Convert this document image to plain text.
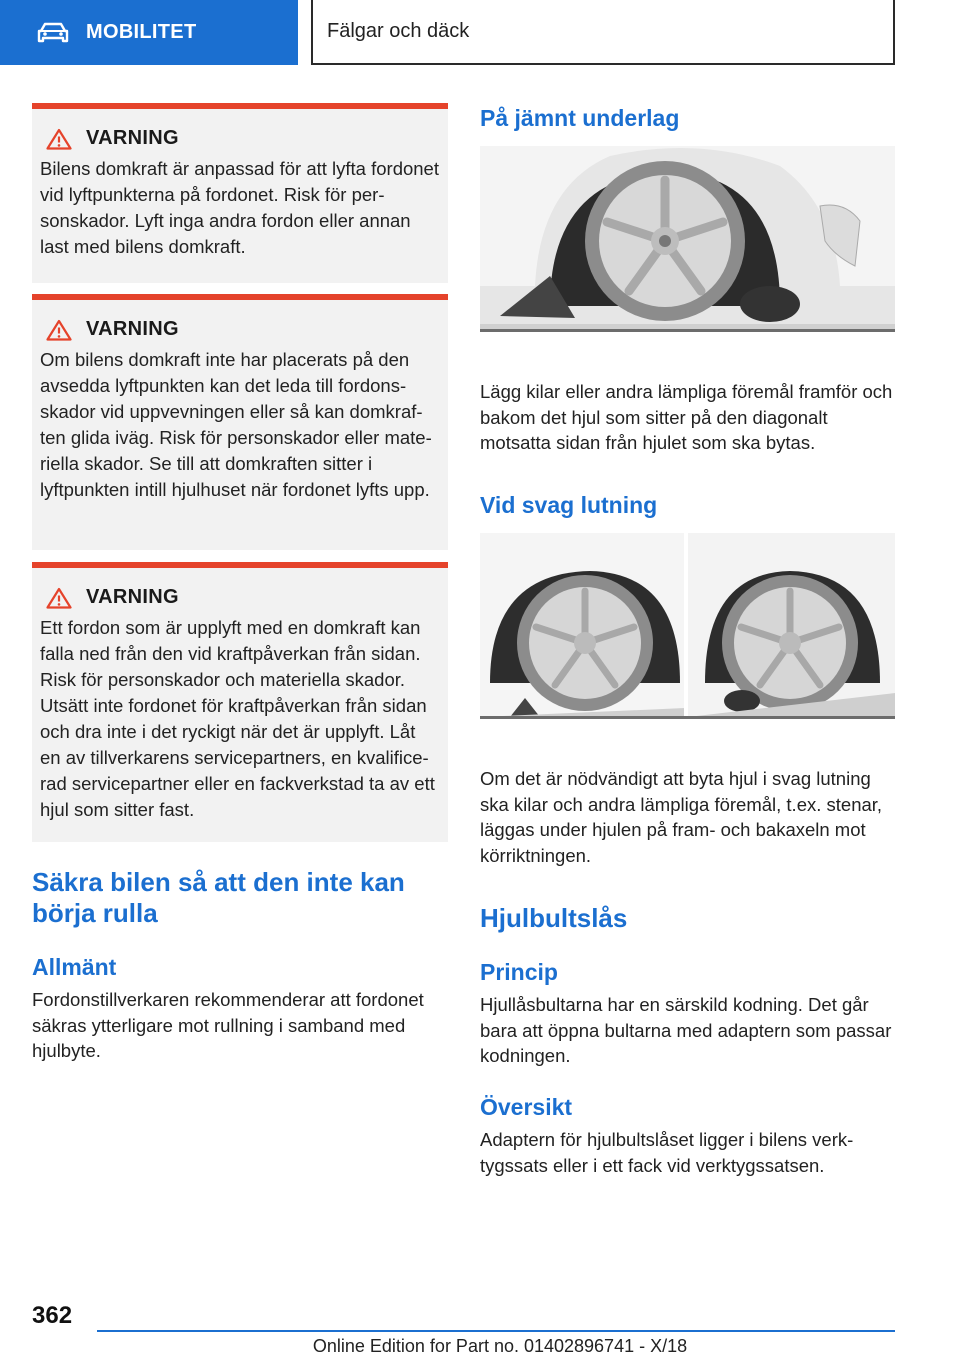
MOBILITET	Fälgar och däck
VARNING
Bilens domkraft är anpassad för att lyfta fordonet vid lyftpunkterna på fordonet. Risk för personskador. Lyft inga andra fordon eller annan last med bilens domkraft.
VARNING
Om bilens domkraft inte har placerats på den avsedda lyftpunkten kan det leda till fordonsskador vid uppvevningen eller så kan domkraften glida iväg. Risk för personskador eller materiella skador. Se till att domkraften sitter i lyftpunkten intill hjulhuset när fordonet lyfts upp.
VARNING
Ett fordon som är upplyft med en domkraft kan falla ned från den vid kraftpåverkan från sidan. Risk för personskador och materiella skador. Utsätt inte fordonet för kraftpåverkan från sidan och dra inte i det ryckigt när det är upplyft. Låt en av tillverkarens servicepartners, en kvalificerad servicepartner eller en fackverkstad ta av ett hjul som sitter fast.
Säkra bilen så att den inte kan börja rulla
Allmänt
Fordonstillverkaren rekommenderar att fordonet säkras ytterligare mot rullning i samband med hjulbyte.
På jämnt underlag
Lägg kilar eller andra lämpliga föremål framför och bakom det hjul som sitter på den diagonalt motsatta sidan från hjulet som ska bytas.
Vid svag lutning
Om det är nödvändigt att byta hjul i svag lutning ska kilar och andra lämpliga föremål, t.ex. stenar, läggas under hjulen på fram- och bakaxeln mot körriktningen.
Hjulbultslås
Princip
Hjullåsbultarna har en särskild kodning. Det går bara att öppna bultarna med adaptern som passar kodningen.
Översikt
Adaptern för hjulbultslåset ligger i bilens verktygssats eller i ett fack vid verktygssatsen.
362
Online Edition for Part no. 01402896741 - X/18
